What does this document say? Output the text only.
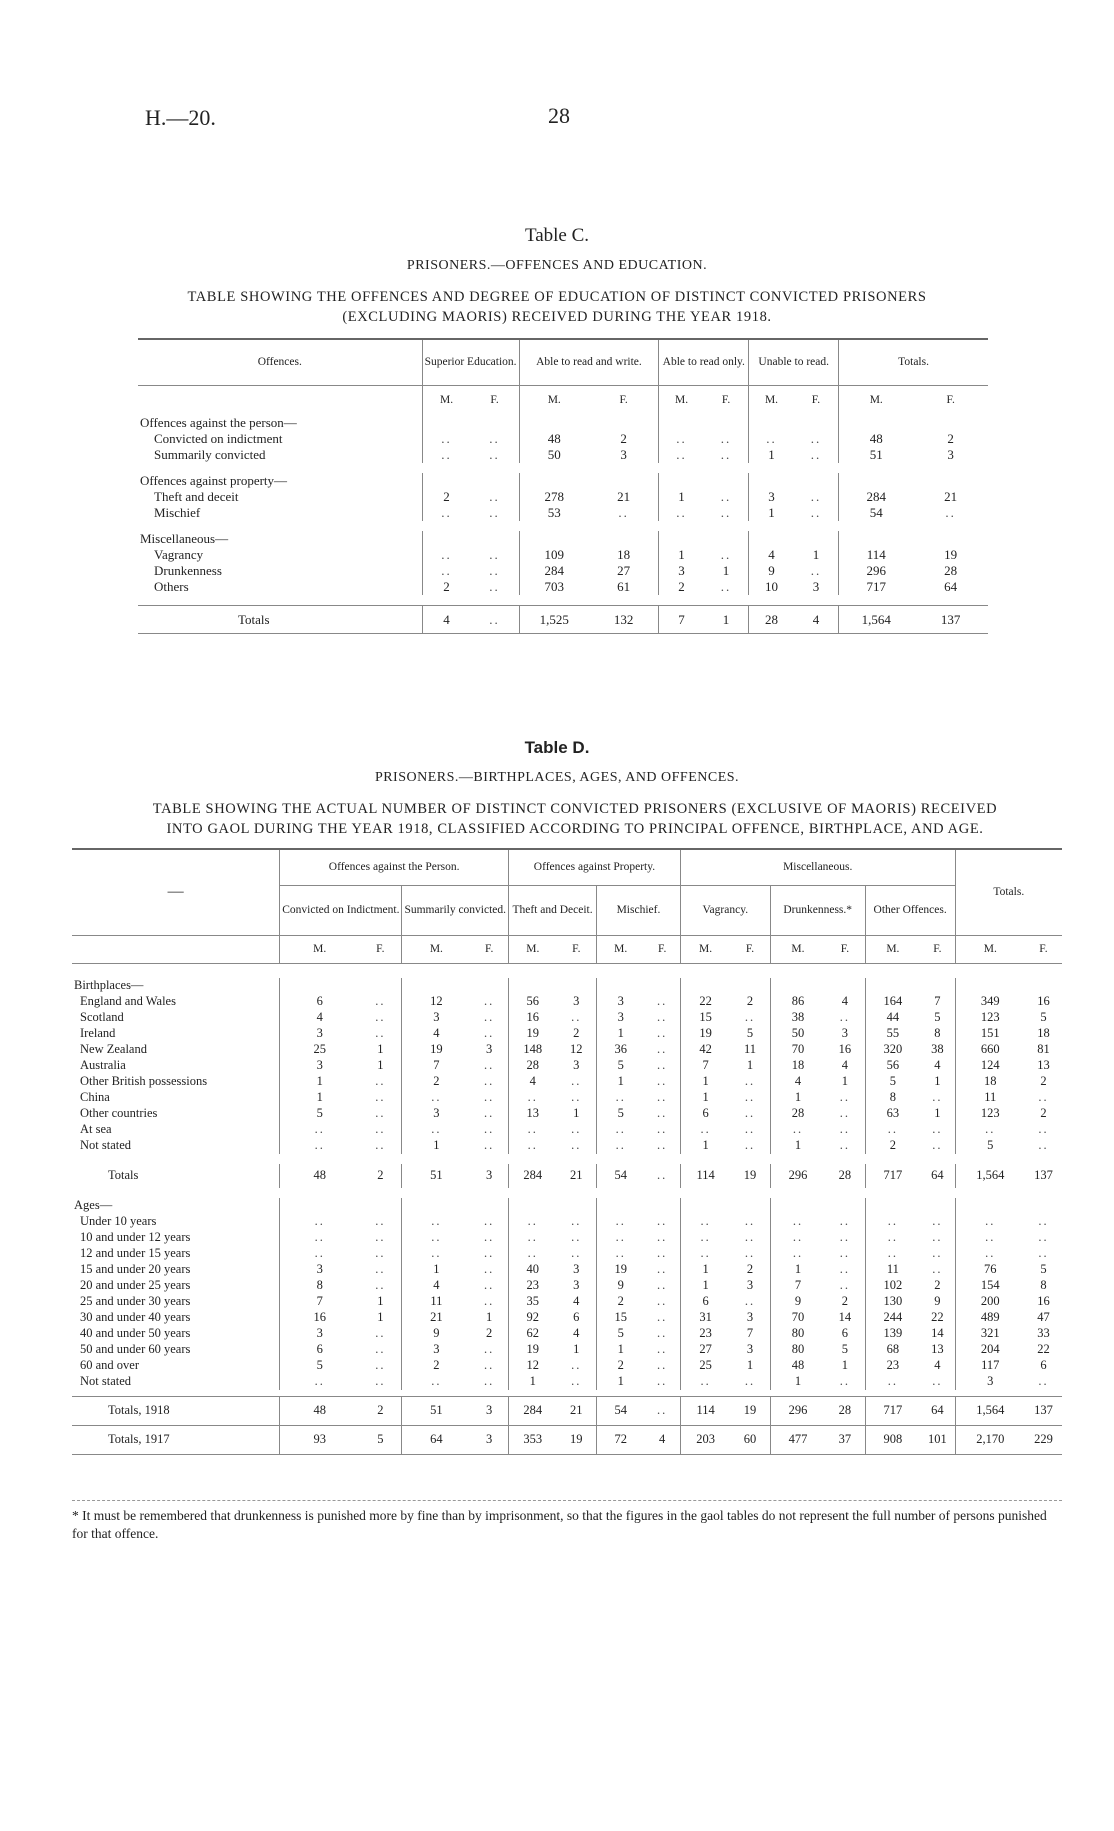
H.—20.	28
Table C.
PRISONERS.—OFFENCES AND EDUCATION.
TABLE SHOWING THE OFFENCES AND DEGREE OF EDUCATION OF DISTINCT CONVICTED PRISONERS
(EXCLUDING MAORIS) RECEIVED DURING THE YEAR 1918.
Offences.	Superior Education.		Able to read and write.		Able to read only.		Unable to read.		Totals.	
	M.	F.	M.	F.	M.	F.	M.	F.	M.	F.
Offences against the person—										
Convicted on indictment	..	..	48	2	..	..	..	..	48	2
Summarily convicted	..	..	50	3	..	..	1	..	51	3

Offences against property—										
Theft and deceit	2	..	278	21	1	..	3	..	284	21
Mischief	..	..	53	..	..	..	1	..	54	..

Miscellaneous—										
Vagrancy	..	..	109	18	1	..	4	1	114	19
Drunkenness	..	..	284	27	3	1	9	..	296	28
Others	2	..	703	61	2	..	10	3	717	64

Totals	4	..	1,525	132	7	1	28	4	1,564	137
Table D.
PRISONERS.—BIRTHPLACES, AGES, AND OFFENCES.
TABLE SHOWING THE ACTUAL NUMBER OF DISTINCT CONVICTED PRISONERS (EXCLUSIVE OF MAORIS) RECEIVED
INTO GAOL DURING THE YEAR 1918, CLASSIFIED ACCORDING TO PRINCIPAL OFFENCE, BIRTHPLACE, AND AGE.
—	Offences against the Person.				Offences against Property.				Miscellaneous.						Totals.	
	Convicted on Indictment.		Summarily convicted.		Theft and Deceit.		Mischief.		Vagrancy.		Drunkenness.*		Other Offences.			
	M.	F.	M.	F.	M.	F.	M.	F.	M.	F.	M.	F.	M.	F.	M.	F.

Birthplaces—																
England and Wales	6	..	12	..	56	3	3	..	22	2	86	4	164	7	349	16
Scotland	4	..	3	..	16	..	3	..	15	..	38	..	44	5	123	5
Ireland	3	..	4	..	19	2	1	..	19	5	50	3	55	8	151	18
New Zealand	25	1	19	3	148	12	36	..	42	11	70	16	320	38	660	81
Australia	3	1	7	..	28	3	5	..	7	1	18	4	56	4	124	13
Other British possessions	1	..	2	..	4	..	1	..	1	..	4	1	5	1	18	2
China	1	..	..	..	..	..	..	..	1	..	1	..	8	..	11	..
Other countries	5	..	3	..	13	1	5	..	6	..	28	..	63	1	123	2
At sea	..	..	..	..	..	..	..	..	..	..	..	..	..	..	..	..
Not stated	..	..	1	..	..	..	..	..	1	..	1	..	2	..	5	..

Totals	48	2	51	3	284	21	54	..	114	19	296	28	717	64	1,564	137

Ages—																
Under 10 years	..	..	..	..	..	..	..	..	..	..	..	..	..	..	..	..
10 and under 12 years	..	..	..	..	..	..	..	..	..	..	..	..	..	..	..	..
12 and under 15 years	..	..	..	..	..	..	..	..	..	..	..	..	..	..	..	..
15 and under 20 years	3	..	1	..	40	3	19	..	1	2	1	..	11	..	76	5
20 and under 25 years	8	..	4	..	23	3	9	..	1	3	7	..	102	2	154	8
25 and under 30 years	7	1	11	..	35	4	2	..	6	..	9	2	130	9	200	16
30 and under 40 years	16	1	21	1	92	6	15	..	31	3	70	14	244	22	489	47
40 and under 50 years	3	..	9	2	62	4	5	..	23	7	80	6	139	14	321	33
50 and under 60 years	6	..	3	..	19	1	1	..	27	3	80	5	68	13	204	22
60 and over	5	..	2	..	12	..	2	..	25	1	48	1	23	4	117	6
Not stated	..	..	..	..	1	..	1	..	..	..	1	..	..	..	3	..

Totals, 1918	48	2	51	3	284	21	54	..	114	19	296	28	717	64	1,564	137
Totals, 1917	93	5	64	3	353	19	72	4	203	60	477	37	908	101	2,170	229
* It must be remembered that drunkenness is punished more by fine than by imprisonment, so that the figures in the gaol tables do not represent the full number of persons punished for that offence.
